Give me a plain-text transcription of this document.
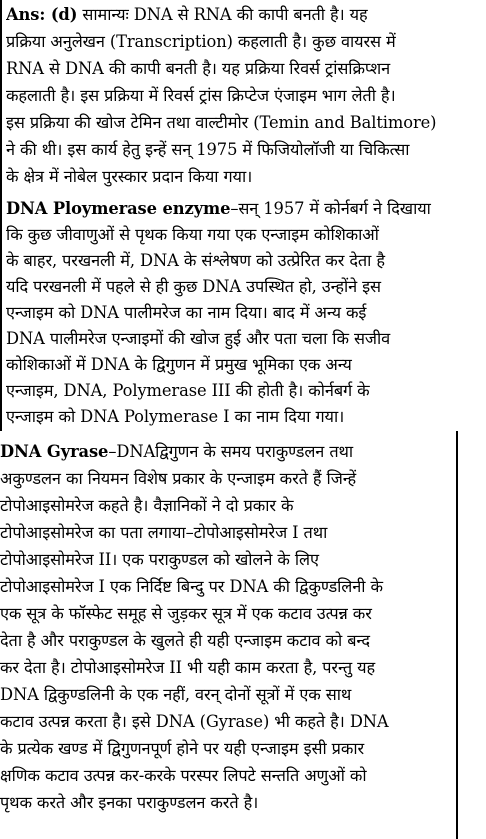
Ans: (d) सामान्यः DNA से RNA की कापी बनती है। यह
प्रक्रिया अनुलेखन (Transcription) कहलाती है। कुछ वायरस में
RNA से DNA की कापी बनती है। यह प्रक्रिया रिवर्स ट्रांसक्रिप्शन
कहलाती है। इस प्रक्रिया में रिवर्स ट्रांस क्रिप्टेज एंजाइम भाग लेती है।
इस प्रक्रिया की खोज टेमिन तथा वाल्टीमोर (Temin and Baltimore)
ने की थी। इस कार्य हेतु इन्हें सन् 1975 में फिजियोलॉजी या चिकित्सा
के क्षेत्र में नोबेल पुरस्कार प्रदान किया गया।
DNA Ploymerase enzyme–सन् 1957 में कोर्नबर्ग ने दिखाया
कि कुछ जीवाणुओं से पृथक किया गया एक एन्जाइम कोशिकाओं
के बाहर, परखनली में, DNA के संश्लेषण को उत्प्रेरित कर देता है
यदि परखनली में पहले से ही कुछ DNA उपस्थित हो, उन्होंने इस
एन्जाइम को DNA पालीमरेज का नाम दिया। बाद में अन्य कई
DNA पालीमरेज एन्जाइमों की खोज हुई और पता चला कि सजीव
कोशिकाओं में DNA के द्विगुणन में प्रमुख भूमिका एक अन्य
एन्जाइम, DNA, Polymerase III की होती है। कोर्नबर्ग के
एन्जाइम को DNA Polymerase I का नाम दिया गया।
DNA Gyrase–DNAद्विगुणन के समय पराकुण्डलन तथा
अकुण्डलन का नियमन विशेष प्रकार के एन्जाइम करते हैं जिन्हें
टोपोआइसोमरेज कहते है। वैज्ञानिकों ने दो प्रकार के
टोपोआइसोमरेज का पता लगाया–टोपोआइसोमरेज I तथा
टोपोआइसोमरेज II। एक पराकुण्डल को खोलने के लिए
टोपोआइसोमरेज I एक निर्दिष्ट बिन्दु पर DNA की द्विकुण्डलिनी के
एक सूत्र के फॉस्फेट समूह से जुड़कर सूत्र में एक कटाव उत्पन्न कर
देता है और पराकुण्डल के खुलते ही यही एन्जाइम कटाव को बन्द
कर देता है। टोपोआइसोमरेज II भी यही काम करता है, परन्तु यह
DNA द्विकुण्डलिनी के एक नहीं, वरन् दोनों सूत्रों में एक साथ
कटाव उत्पन्न करता है। इसे DNA (Gyrase) भी कहते है। DNA
के प्रत्येक खण्ड में द्विगुणनपूर्ण होने पर यही एन्जाइम इसी प्रकार
क्षणिक कटाव उत्पन्न कर-करके परस्पर लिपटे सन्तति अणुओं को
पृथक करते और इनका पराकुण्डलन करते है।
